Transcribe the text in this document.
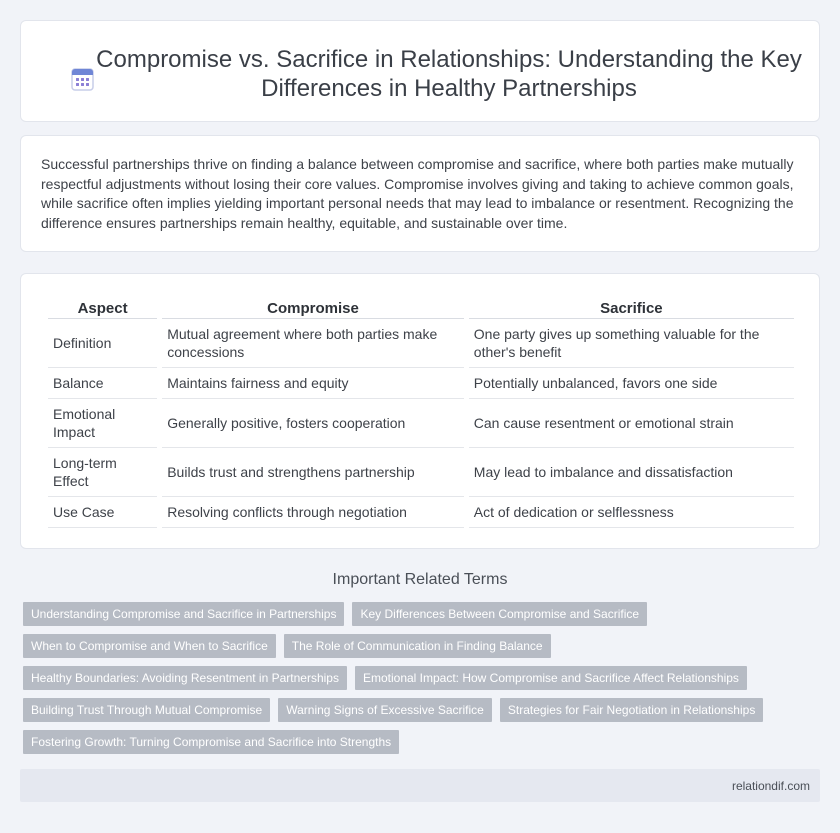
Compromise vs. Sacrifice in Relationships: Understanding the Key Differences in Healthy Partnerships

Successful partnerships thrive on finding a balance between compromise and sacrifice, where both parties make mutually respectful adjustments without losing their core values. Compromise involves giving and taking to achieve common goals, while sacrifice often implies yielding important personal needs that may lead to imbalance or resentment. Recognizing the difference ensures partnerships remain healthy, equitable, and sustainable over time.

Aspect	Compromise	Sacrifice
Definition	Mutual agreement where both parties make concessions	One party gives up something valuable for the other's benefit
Balance	Maintains fairness and equity	Potentially unbalanced, favors one side
Emotional Impact	Generally positive, fosters cooperation	Can cause resentment or emotional strain
Long-term Effect	Builds trust and strengthens partnership	May lead to imbalance and dissatisfaction
Use Case	Resolving conflicts through negotiation	Act of dedication or selflessness
Important Related Terms
Understanding Compromise and Sacrifice in Partnerships	Key Differences Between Compromise and Sacrifice
When to Compromise and When to Sacrifice	The Role of Communication in Finding Balance
Healthy Boundaries: Avoiding Resentment in Partnerships	Emotional Impact: How Compromise and Sacrifice Affect Relationships
Building Trust Through Mutual Compromise	Warning Signs of Excessive Sacrifice	Strategies for Fair Negotiation in Relationships
Fostering Growth: Turning Compromise and Sacrifice into Strengths
relationdif.com
